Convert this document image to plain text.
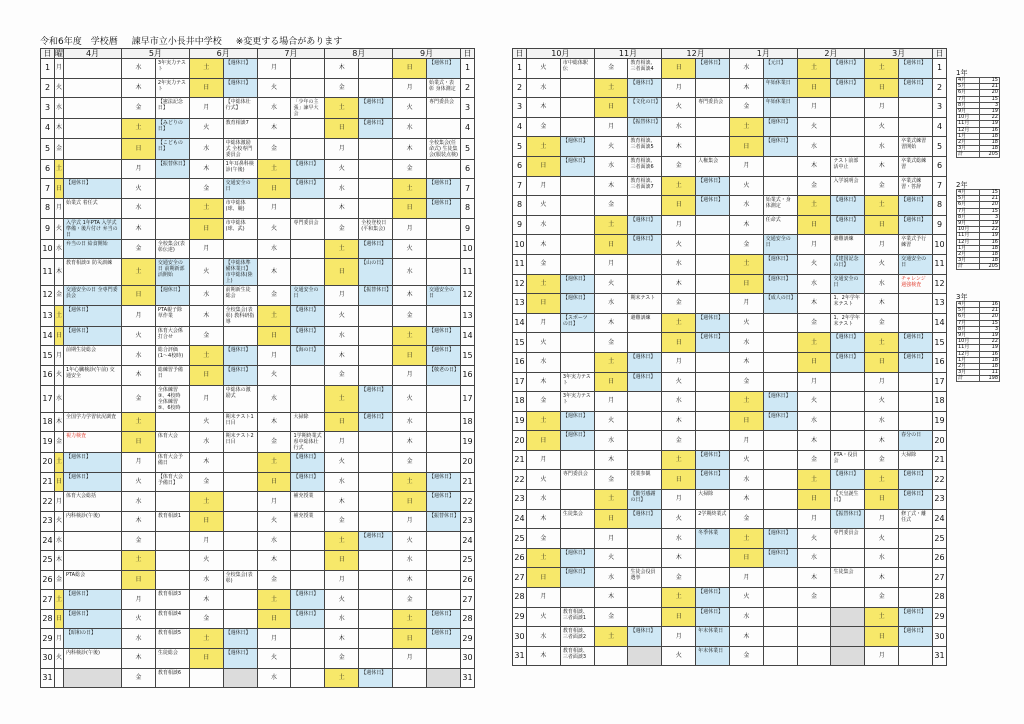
令和6年度　学校暦 諫早市立小長井中学校 ※変更する場合があります
日	曜	4月	5月		6月		7月		8月		9月		日
1	月		水	3年実力テスト	土	【週休日】	月		木		日	【週休日】	1
2	火		木	2年実力テスト	日	【週休日】	火		金		月	始業式・表彰 身体測定	2
3	水		金	【憲法記念日】	月	【中総体壮行式】	水	「少年の主張」諫早大会	土	【週休日】	火	専門委員会	3
4	木		土	【みどりの日】	火	教育相談7	木		日	【週休日】	水		4
5	金		日	【こどもの日】	水	中総体激励式 全校専門委員会	金		月		木	全校集会(任命式) 生徒集会(服装点検)	5
6	土		月	【振替休日】	木	1年耳鼻科検診(午後)	土	【週休日】	火		金		6
7	日	【週休日】	火		金	交通安全の日	日	【週休日】	水		土	【週休日】	7
8	月	始業式 着任式	水		土	市中総体(球、競)	月		木		日	【週休日】	8
9	火	入学式 1年PTA 入学式準備・後片付け 弁当の日	木		日	市中総体(球、武)	火	専門委員会	金	全校登校日(平和集会)	月		9
10	水	弁当の日 給食開始	金	全校集会(表彰伝達)	月		水		土	【週休日】	火		10
11	木	教育相談① 防災訓練	土	交通安全の日 前期新部活開始	火	【中総体準備休業日】 市中総体(陸上)	木		日	【山の日】	水		11
12	金	交通安全の日 全専門委員会	日	【週休日】	水	前期新生徒総会	金	交通安全の日	月	【振替休日】	木	交通安全の日	12
13	土	【週休日】	月	PTA親子除草作業	木	全校集会(表彰) 教科研指導	土	【週休日】	火		金		13
14	日	【週休日】	火	体育大会係打合せ	金		日	【週休日】	水		土	【週休日】	14
15	月	前期生徒総会	水	総合評価(1〜4校時)	土	【週休日】	月	【海の日】	木		日	【週休日】	15
16	火	1年心臓検診(午前) 交通安全	木	総練習予備日	日	【週休日】	火		金		月	【敬老の日】	16
17	水		金	全体練習③、4校時 全体練習⑤、6校時	月	中総体の激励式	水		土	【週休日】	火		17
18	木	全国学力学習状況調査	土		火	期末テスト1日目	木	大掃除	日	【週休日】	水		18
19	金	視力検査	日	体育大会	水	期末テスト2日目	金	1学期終業式 県中総体壮行式	月		木		19
20	土	【週休日】	月	体育大会予備日	木		土	【週休日】	火		金		20
21	日	【週休日】	火	【体育大会予備日】	金		日	【週休日】	水		土	【週休日】	21
22	月	体育大会総括	水		土		月	補充授業	木		日	【週休日】	22
23	火	内科検診(午後)	木	教育相談1	日		火	補充授業	金		月	【振替休日】	23
24	水		金		月		水		土	【週休日】	火		24
25	木		土		火		木		日		水		25
26	金	PTA総会	日		水	全校集会(表彰)	金		月		木		26
27	土	【週休日】	月	教育相談3	木		土	【週休日】	火		金		27
28	日	【週休日】	火	教育相談4	金		日	【週休日】	水		土	【週休日】	28
29	月	【昭和の日】	水	教育相談5	土	【週休日】	月		木		日	【週休日】	29
30	火	内科検診(午後)	木	生徒総会	日	【週休日】	火		金		月		30
31			金	教育相談6			水		土	【週休日】			31
日	10月		11月		12月		1月		2月		3月		日
1	火	市中総体駅伝	金	教育相談、三者面談4	日	【週休日】	水	【元日】	土	【週休日】	土	【週休日】	1
2	水		土	【週休日】	月		木	年始休業日	日	【週休日】	日	【週休日】	2
3	木		日	【文化の日】	火	専門委員会	金	年始休業日	月		月		3
4	金		月	【振替休日】	水		土	【週休日】	火		火		4
5	土	【週休日】	火	教育相談、三者面談5	木		日	【週休日】	水		水	卒業式練習習開始	5
6	日	【週休日】	水	教育相談、三者面談6	金	人権集会	月		木	テスト前部活中止	木	卒業式総練習	6
7	月		木	教育相談、三者面談7	土	【週休日】	火		金	入学説明会	金	卒業式練習・答辞	7
8	火		金		日	【週休日】	水	始業式・身体測定	土	【週休日】	土	【週休日】	8
9	水		土	【週休日】	月		木	任命式	日	【週休日】	日	【週休日】	9
10	木		日	【週休日】	火		金	交通安全の日	月	避難訓練	月	卒業式予行練習	10
11	金		月		水		土	【週休日】	火	【建国記念の日】	火	交通安全の日	11
12	土	【週休日】	火		木		日	【週休日】	水	交通安全の日	水	チャレンジ週強検査	12
13	日	【週休日】	水	期末テスト	金		月	【成人の日】	木	1、2年学年末テスト	木		13
14	月	【スポーツの日】	木	避難訓練	土	【週休日】	火		金	1、2年学年末テスト	金		14
15	火		金		日	【週休日】	水		土	【週休日】	土	【週休日】	15
16	水		土	【週休日】	月		木		日	【週休日】	日	【週休日】	16
17	木	3年実力テスト	日	【週休日】	火		金		月		月		17
18	金	3年実力テスト	月		水		土	【週休日】	火		火		18
19	土	【週休日】	火		木		日	【週休日】	水		水		19
20	日	【週休日】	水		金		月		木		木	春分の日	20
21	月		木		土	【週休日】	火		金	PTA・役員会	金	大掃除	21
22	火	専門委員会	金	授業参観	日	【週休日】	水		土	【週休日】	土	【週休日】	22
23	水		土	【勤労感謝の日】	月	大掃除	木		日	【天皇誕生日】	日	【週休日】	23
24	木	生徒集会	日	【週休日】	火	2学期終業式	金		月	【振替休日】	月	修了式・離任式	24
25	金		月		水	冬季休業	土	【週休日】	火	専門委員会	火		25
26	土	【週休日】	火		木		日	【週休日】	水		水		26
27	日	【週休日】	水	生徒会役員選挙	金		月		木	生徒集会	木		27
28	月		木		土	【週休日】	火		金		金		28
29	火	教育相談、三者面談1	金		日	【週休日】	水				土	【週休日】	29
30	水	教育相談、三者面談2	土	【週休日】	月	年末休業日	木				日	【週休日】	30
31	木	教育相談、三者面談3			火	年末休業日	金				月		31
1年
4月	15
5月	21
6月	20
7月	15
8月	3
9月	19
10月	22
11月	19
12月	16
1月	18
2月	18
3月	18
計	205
2年
4月	15
5月	21
6月	20
7月	15
8月	3
9月	19
10月	22
11月	19
12月	16
1月	18
2月	18
3月	18
計	205
3年
4月	16
5月	21
6月	20
7月	15
8月	3
9月	19
10月	22
11月	19
12月	16
1月	18
2月	18
3月	11
計	198
